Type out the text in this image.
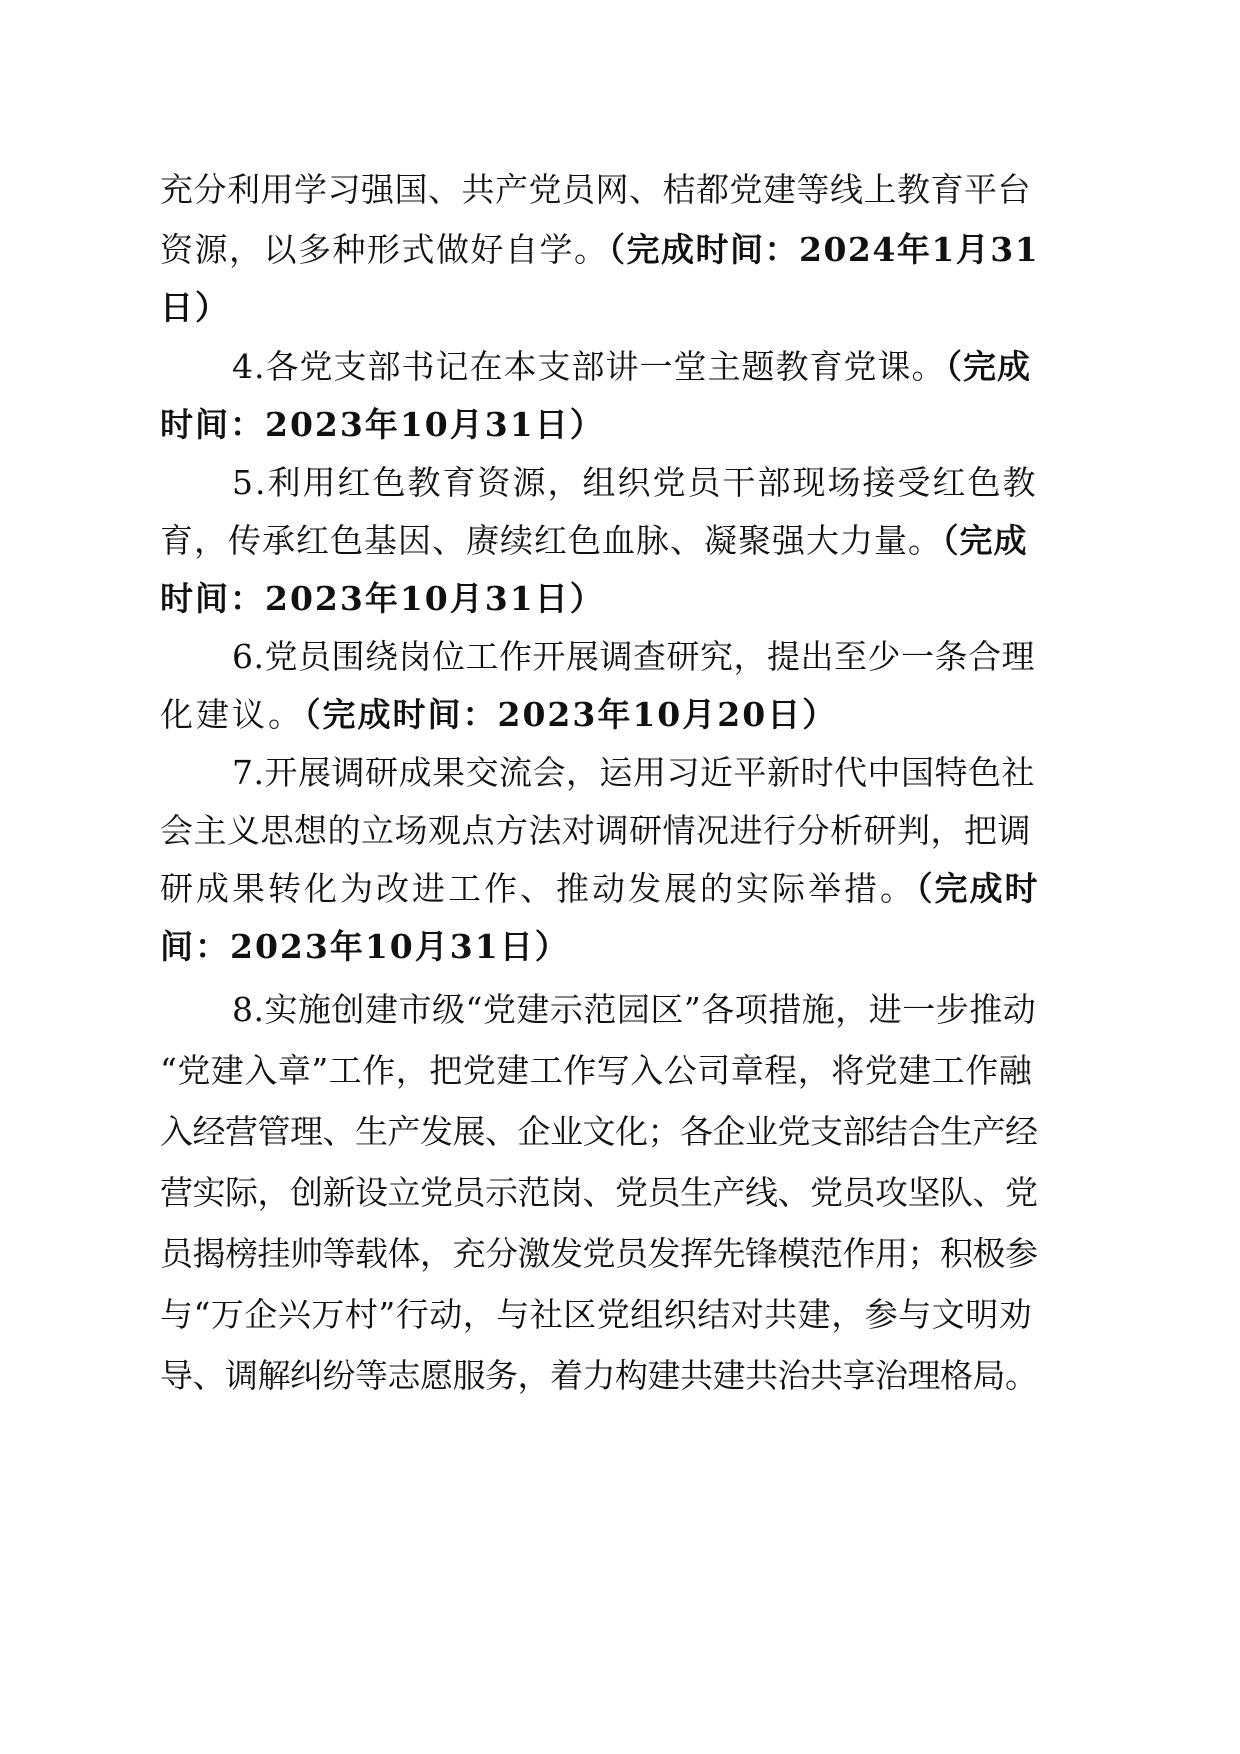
充分利用学习强国、共产党员网、桔都党建等线上教育平台
资源，以多种形式做好自学。（完成时间：2024年1月31
日）
4.各党支部书记在本支部讲一堂主题教育党课。（完成
时间：2023年10月31日）
5.利用红色教育资源，组织党员干部现场接受红色教
育，传承红色基因、赓续红色血脉、凝聚强大力量。（完成
时间：2023年10月31日）
6.党员围绕岗位工作开展调查研究，提出至少一条合理
化建议。（完成时间：2023年10月20日）
7.开展调研成果交流会，运用习近平新时代中国特色社
会主义思想的立场观点方法对调研情况进行分析研判，把调
研成果转化为改进工作、推动发展的实际举措。（完成时
间：2023年10月31日）
8.实施创建市级“党建示范园区”各项措施，进一步推动
“党建入章”工作，把党建工作写入公司章程，将党建工作融
入经营管理、生产发展、企业文化；各企业党支部结合生产经
营实际，创新设立党员示范岗、党员生产线、党员攻坚队、党
员揭榜挂帅等载体，充分激发党员发挥先锋模范作用；积极参
与“万企兴万村”行动，与社区党组织结对共建，参与文明劝
导、调解纠纷等志愿服务，着力构建共建共治共享治理格局。
